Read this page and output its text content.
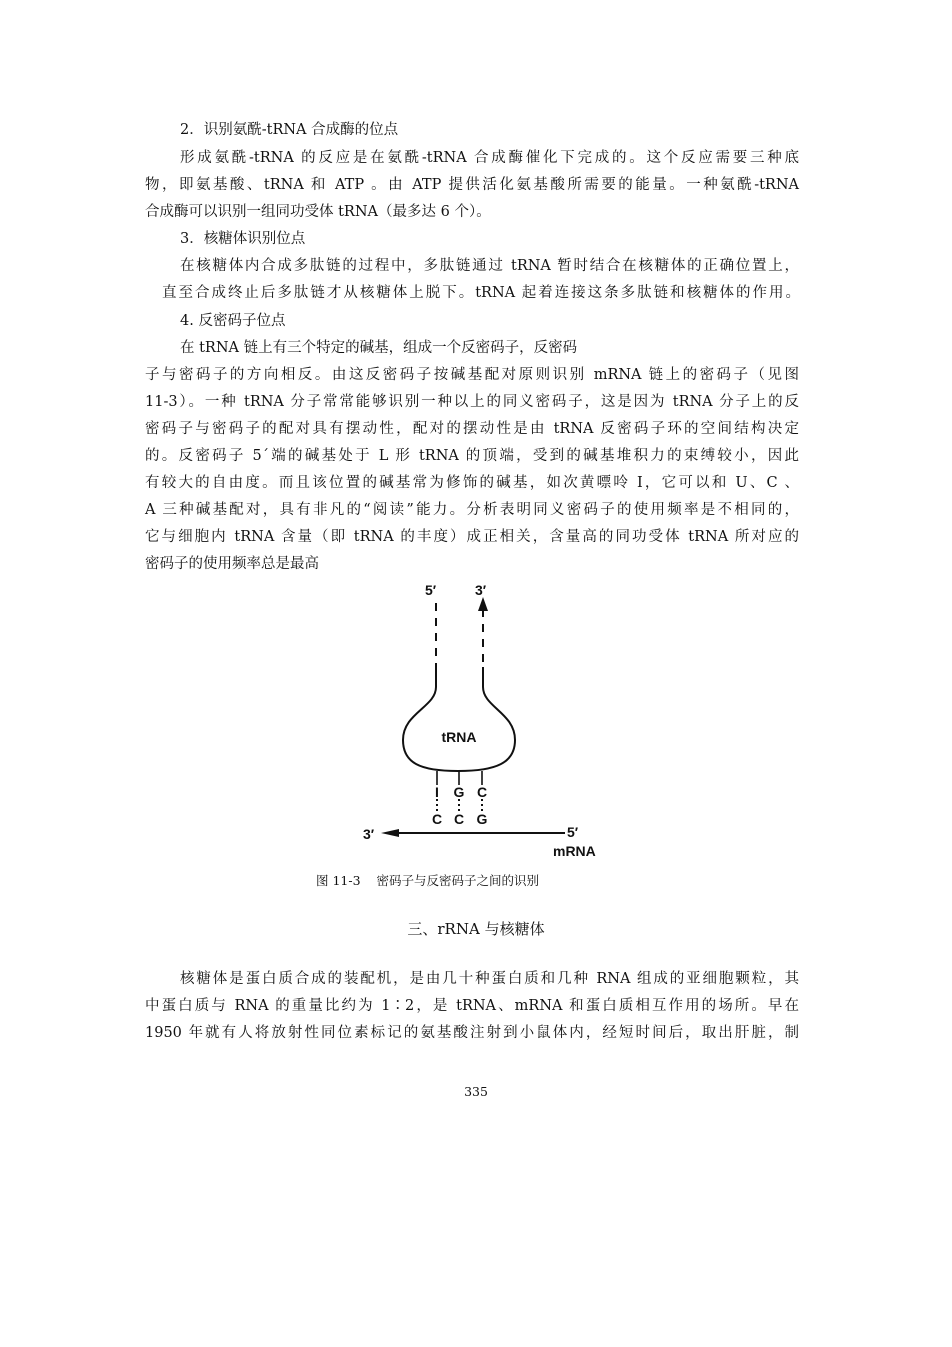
2．识别氨酰-tRNA 合成酶的位点
形成氨酰-tRNA 的反应是在氨酰-tRNA 合成酶催化下完成的。这个反应需要三种底
物，即氨基酸、tRNA 和 ATP 。由 ATP 提供活化氨基酸所需要的能量。一种氨酰-tRNA
合成酶可以识别一组同功受体 tRNA（最多达 6 个）。
3．核糖体识别位点
在核糖体内合成多肽链的过程中，多肽链通过 tRNA 暂时结合在核糖体的正确位置上，
直至合成终止后多肽链才从核糖体上脱下。tRNA 起着连接这条多肽链和核糖体的作用。
4. 反密码子位点
在 tRNA 链上有三个特定的碱基，组成一个反密码子，反密码
子与密码子的方向相反。由这反密码子按碱基配对原则识别 mRNA 链上的密码子（见图
11-3）。一种 tRNA 分子常常能够识别一种以上的同义密码子，这是因为 tRNA 分子上的反
密码子与密码子的配对具有摆动性，配对的摆动性是由 tRNA 反密码子环的空间结构决定
的。反密码子 5´端的碱基处于 L 形 tRNA 的顶端，受到的碱基堆积力的束缚较小，因此
有较大的自由度。而且该位置的碱基常为修饰的碱基，如次黄嘌呤 I，它可以和 U、C 、
A 三种碱基配对，具有非凡的“阅读”能力。分析表明同义密码子的使用频率是不相同的，
它与细胞内 tRNA 含量（即 tRNA 的丰度）成正相关，含量高的同功受体 tRNA 所对应的
密码子的使用频率总是最高
5′	3′
tRNA
I G C
C C G
3′	5′
mRNA
图 11-3    密码子与反密码子之间的识别
三、rRNA 与核糖体
核糖体是蛋白质合成的装配机，是由几十种蛋白质和几种 RNA 组成的亚细胞颗粒，其
中蛋白质与 RNA 的重量比约为 1∶2，是 tRNA、mRNA 和蛋白质相互作用的场所。早在
1950 年就有人将放射性同位素标记的氨基酸注射到小鼠体内，经短时间后，取出肝脏，制
335
